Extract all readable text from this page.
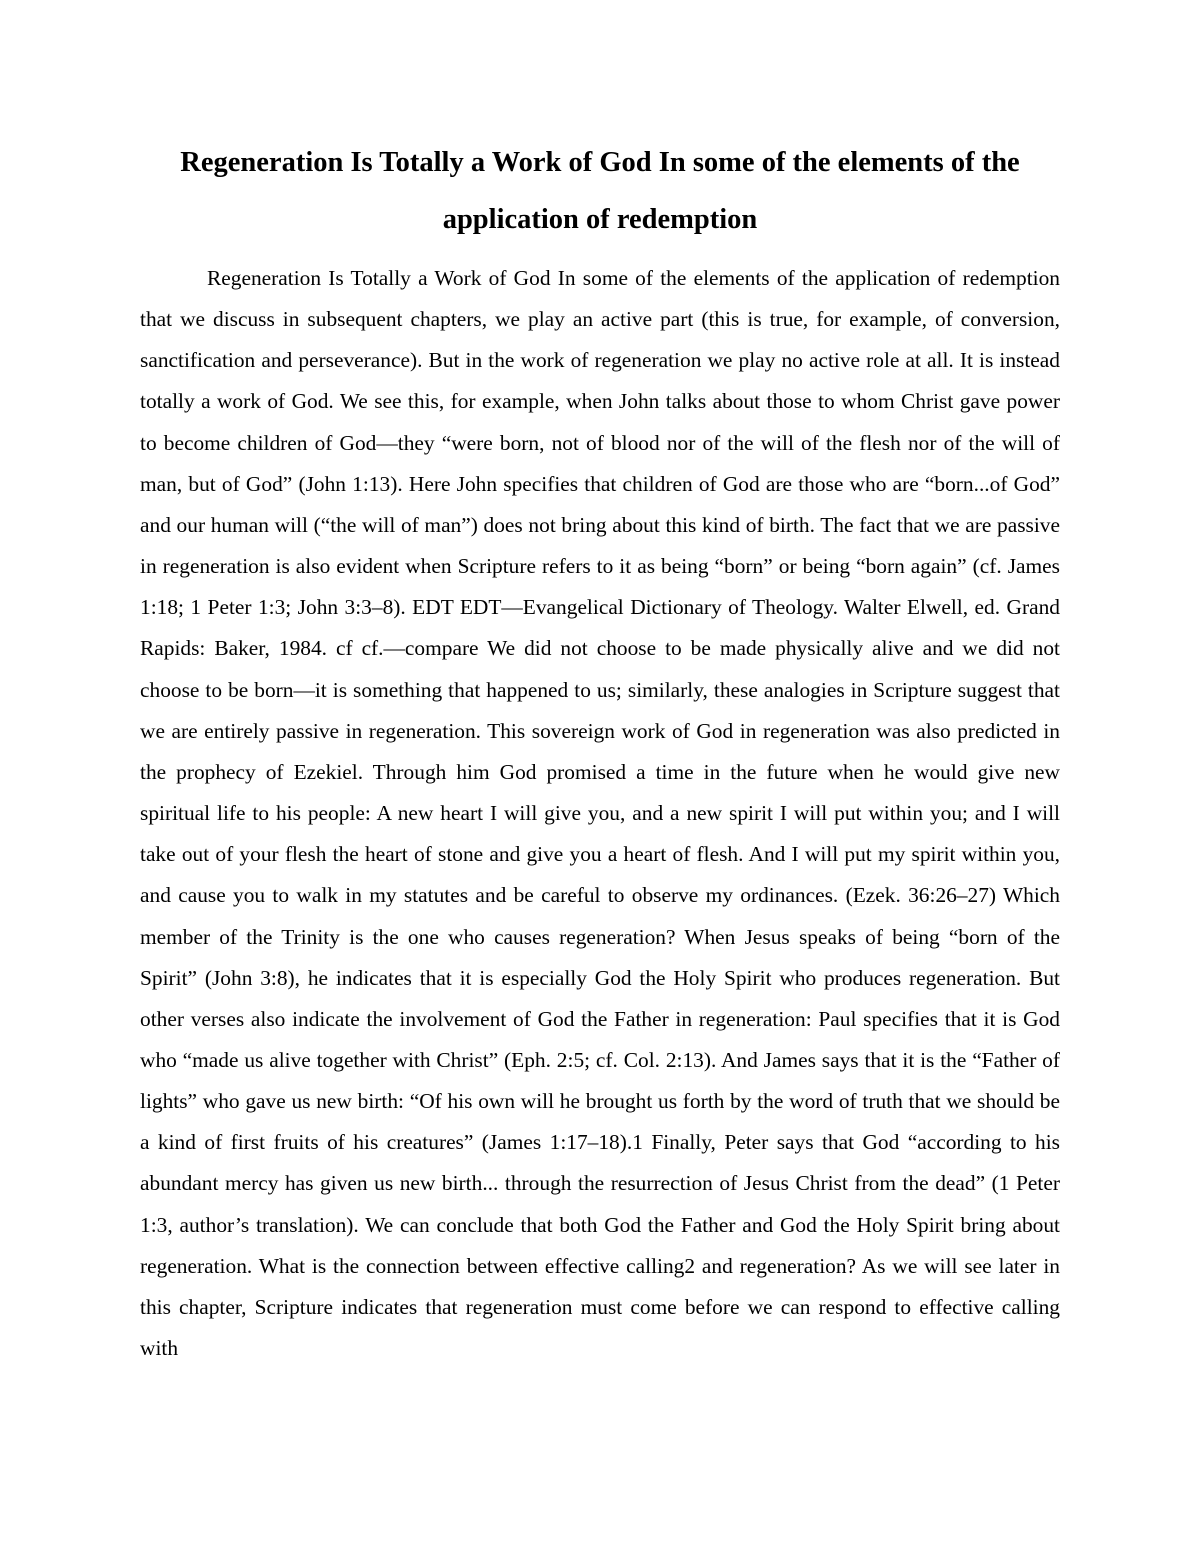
Regeneration Is Totally a Work of God In some of the elements of the application of redemption

Regeneration Is Totally a Work of God In some of the elements of the application of redemption that we discuss in subsequent chapters, we play an active part (this is true, for example, of conversion, sanctification and perseverance). But in the work of regeneration we play no active role at all. It is instead totally a work of God. We see this, for example, when John talks about those to whom Christ gave power to become children of God—they “were born, not of blood nor of the will of the flesh nor of the will of man, but of God” (John 1:13). Here John specifies that children of God are those who are “born...of God” and our human will (“the will of man”) does not bring about this kind of birth. The fact that we are passive in regeneration is also evident when Scripture refers to it as being “born” or being “born again” (cf. James 1:18; 1 Peter 1:3; John 3:3–8). EDT EDT—Evangelical Dictionary of Theology. Walter Elwell, ed. Grand Rapids: Baker, 1984. cf cf.—compare We did not choose to be made physically alive and we did not choose to be born—it is something that happened to us; similarly, these analogies in Scripture suggest that we are entirely passive in regeneration. This sovereign work of God in regeneration was also predicted in the prophecy of Ezekiel. Through him God promised a time in the future when he would give new spiritual life to his people: A new heart I will give you, and a new spirit I will put within you; and I will take out of your flesh the heart of stone and give you a heart of flesh. And I will put my spirit within you, and cause you to walk in my statutes and be careful to observe my ordinances. (Ezek. 36:26–27) Which member of the Trinity is the one who causes regeneration? When Jesus speaks of being “born of the Spirit” (John 3:8), he indicates that it is especially God the Holy Spirit who produces regeneration. But other verses also indicate the involvement of God the Father in regeneration: Paul specifies that it is God who “made us alive together with Christ” (Eph. 2:5; cf. Col. 2:13). And James says that it is the “Father of lights” who gave us new birth: “Of his own will he brought us forth by the word of truth that we should be a kind of first fruits of his creatures” (James 1:17–18).1 Finally, Peter says that God “according to his abundant mercy has given us new birth... through the resurrection of Jesus Christ from the dead” (1 Peter 1:3, author’s translation). We can conclude that both God the Father and God the Holy Spirit bring about regeneration. What is the connection between effective calling2 and regeneration? As we will see later in this chapter, Scripture indicates that regeneration must come before we can respond to effective calling with
